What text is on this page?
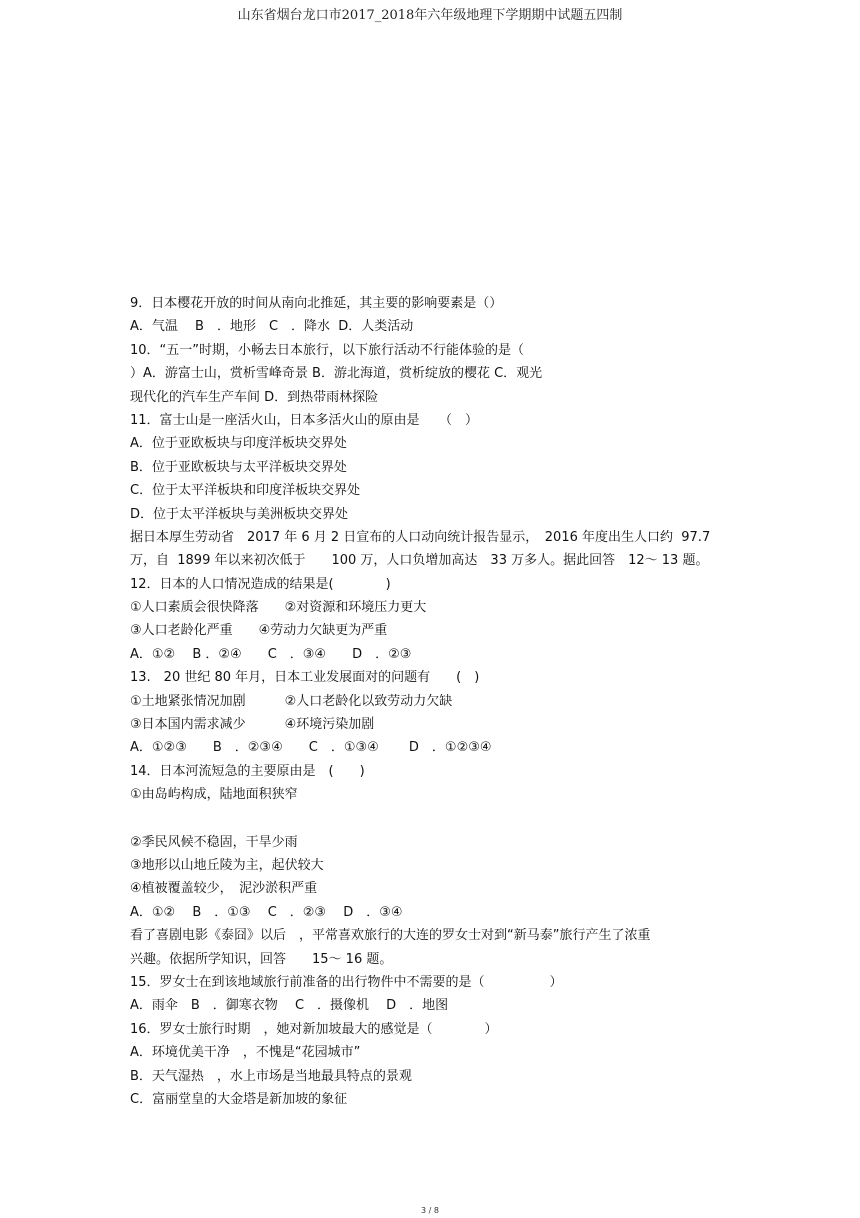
山东省烟台龙口市2017_2018年六年级地理下学期期中试题五四制
9．日本樱花开放的时间从南向北推延，其主要的影响要素是（）
A．气温　 B　．地形　C　．降水  D．人类活动
10．“五一”时期，小畅去日本旅行，以下旅行活动不行能体验的是（
）A．游富士山，赏析雪峰奇景 B．游北海道，赏析绽放的樱花 C．观光
现代化的汽车生产车间 D．到热带雨林探险
11．富士山是一座活火山，日本多活火山的原由是　　（　）
A．位于亚欧板块与印度洋板块交界处
B．位于亚欧板块与太平洋板块交界处
C．位于太平洋板块和印度洋板块交界处
D．位于太平洋板块与美洲板块交界处
据日本厚生劳动省　2017 年 6 月 2 日宣布的人口动向统计报告显示，　2016 年度出生人口约  97.7
万，自  1899 年以来初次低于　　100 万，人口负增加高达　33 万多人。据此回答　12～ 13 题。
12．日本的人口情况造成的结果是(　　　　)
①人口素质会很快降落　　②对资源和环境压力更大
③人口老龄化严重　　④劳动力欠缺更为严重
A．①②　 B ．②④　　C　．③④　　D　．②③
13.　20 世纪 80 年月，日本工业发展面对的问题有　　(　)
①土地紧张情况加剧　　　②人口老龄化以致劳动力欠缺
③日本国内需求减少　　　④环境污染加剧
A．①②③　　B　．②③④　　C　．①③④　　 D　．①②③④
14．日本河流短急的主要原由是　(　　)
①由岛屿构成，陆地面积狭窄
②季民风候不稳固，干旱少雨
③地形以山地丘陵为主，起伏较大
④植被覆盖较少，　泥沙淤积严重
A．①②　 B　．①③　 C　．②③　 D　．③④
看了喜剧电影《泰囧》以后　，平常喜欢旅行的大连的罗女士对到“新马泰”旅行产生了浓重
兴趣。依据所学知识，回答　　15～ 16 题。
15．罗女士在到该地域旅行前准备的出行物件中不需要的是（　　　　　）
A．雨伞　B　．御寒衣物　 C　．摄像机　 D　．地图
16．罗女士旅行时期　，她对新加坡最大的感觉是（　　　　）
A．环境优美干净　，不愧是“花园城市”
B．天气湿热　，水上市场是当地最具特点的景观
C．富丽堂皇的大金塔是新加坡的象征
3 / 8
